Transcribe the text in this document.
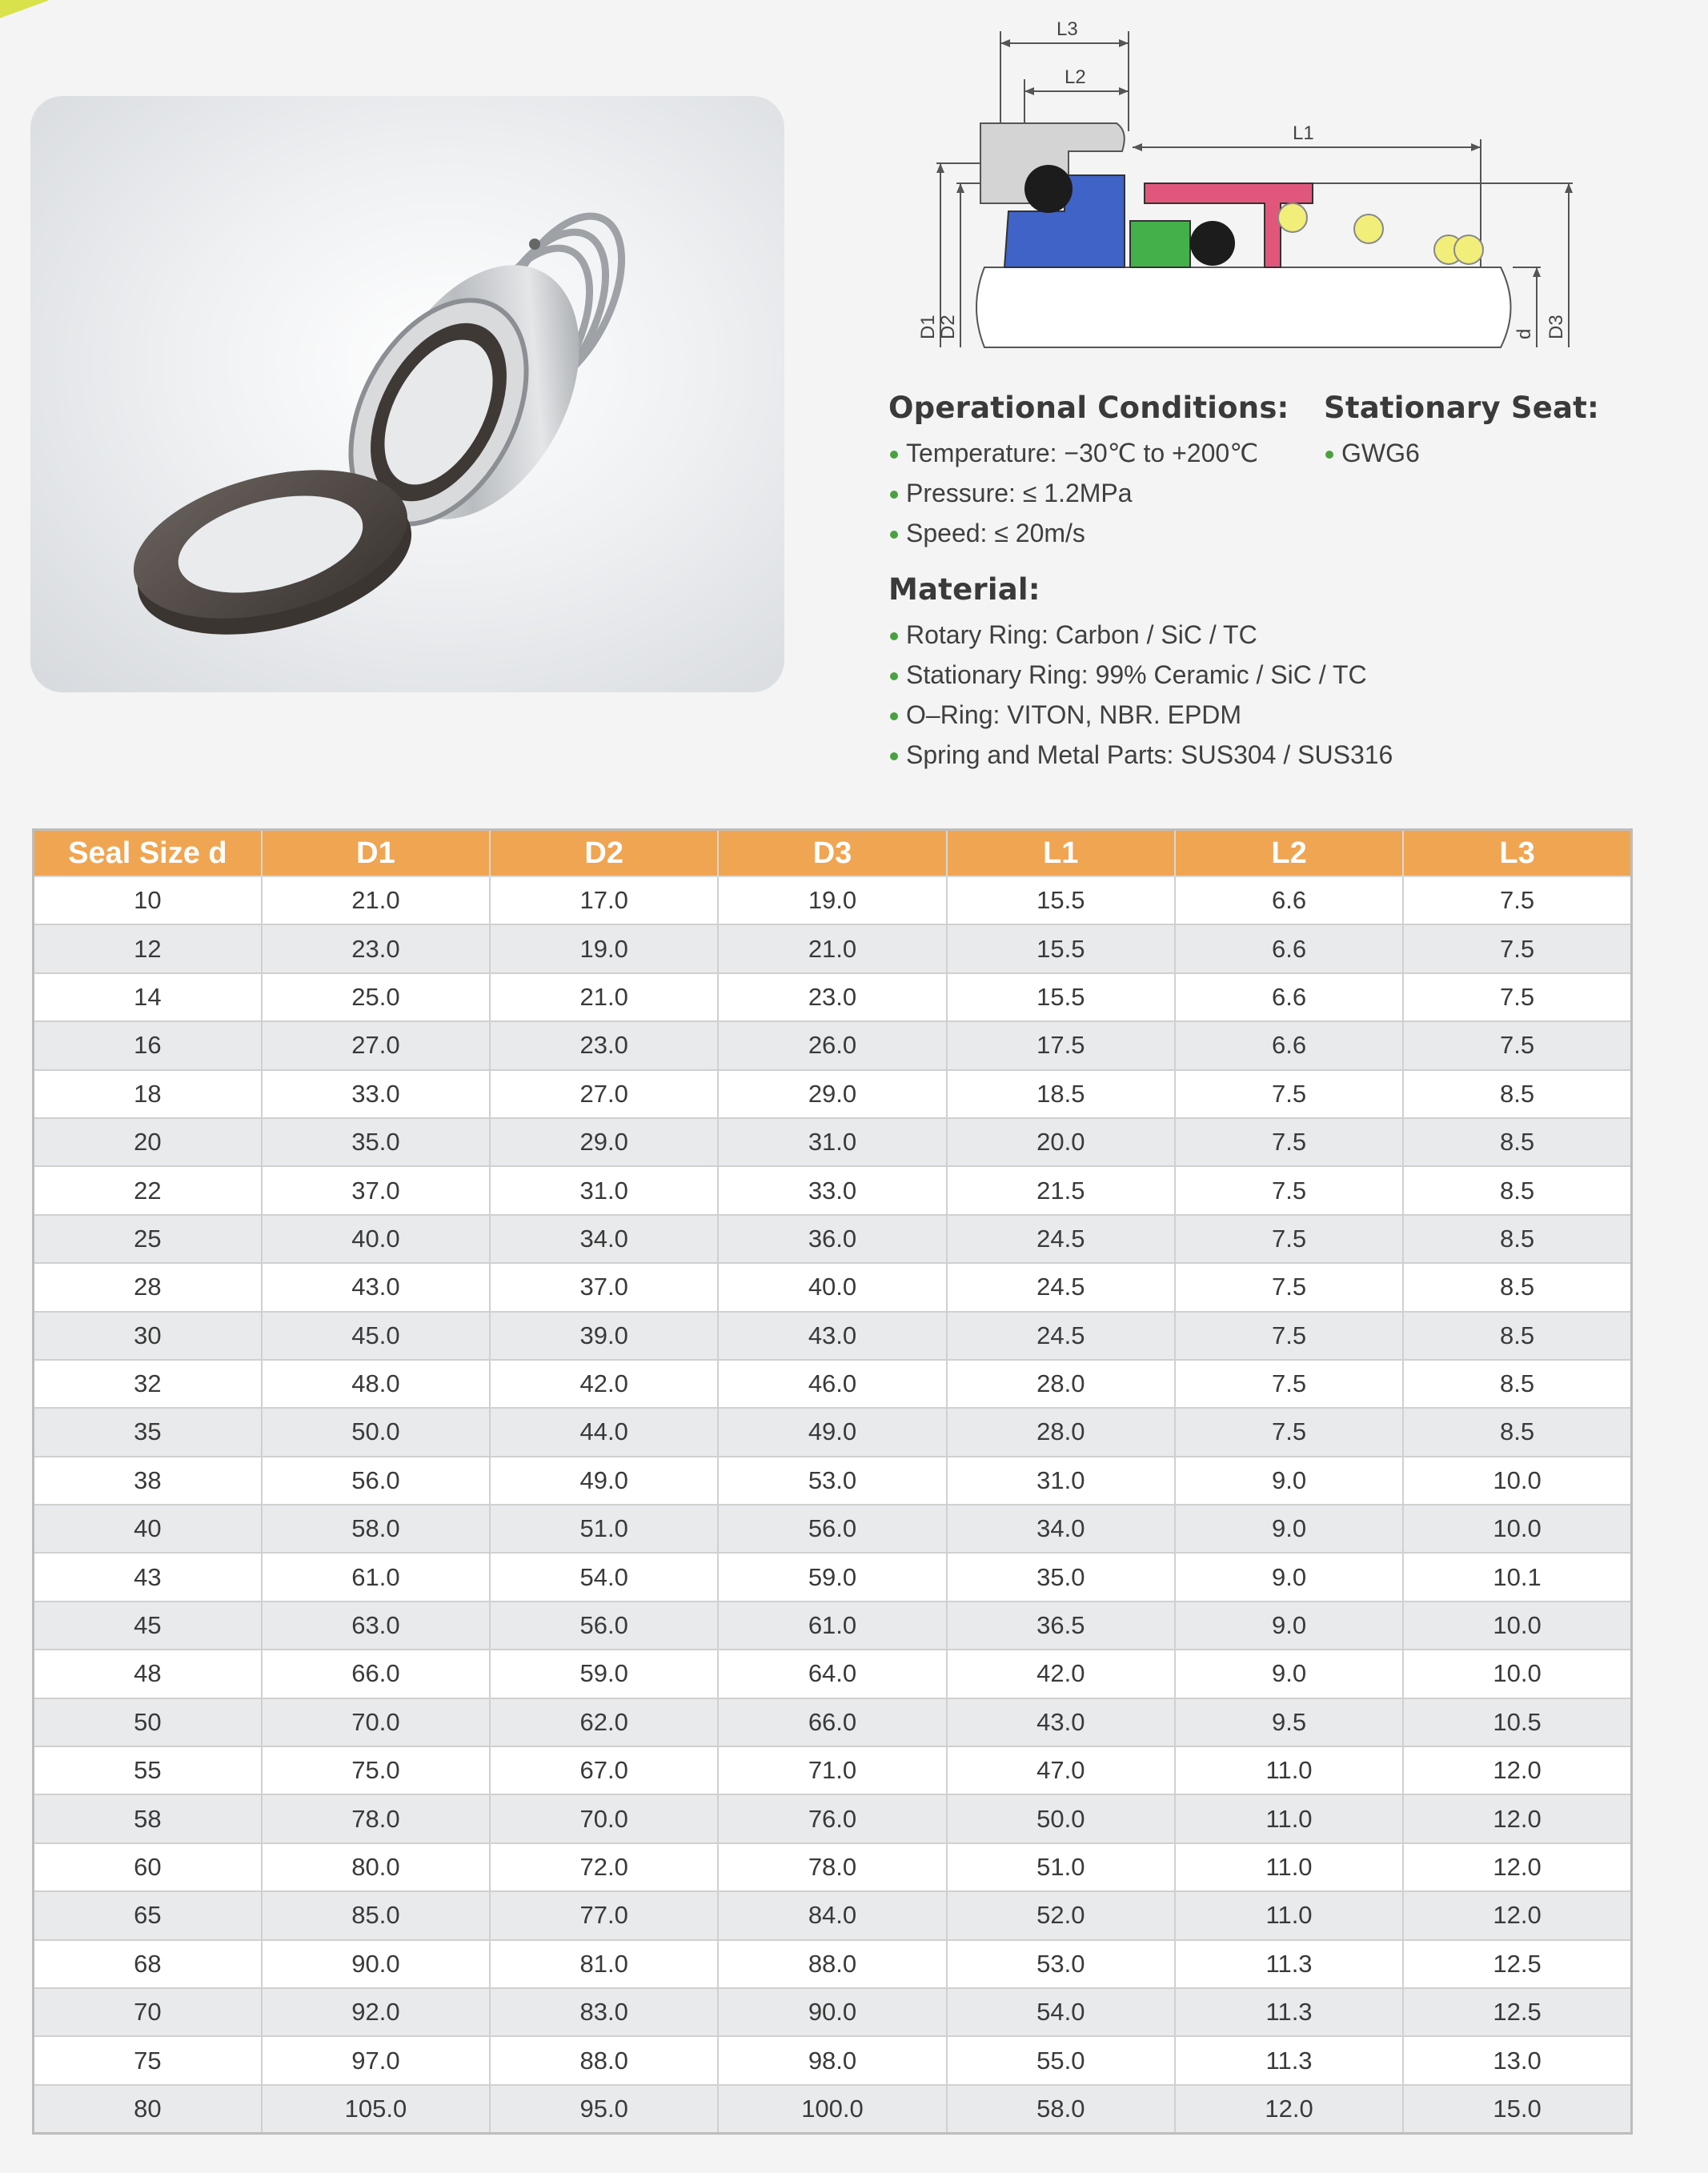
L3
L2
L1
D1
D2	d D3
Operational Conditions:
Temperature: −30℃ to +200℃
Pressure: ≤ 1.2MPa
Speed: ≤ 20m/s
Stationary Seat:
GWG6
Material:
Rotary Ring: Carbon / SiC / TC
Stationary Ring: 99% Ceramic / SiC / TC
O–Ring: VITON, NBR. EPDM
Spring and Metal Parts: SUS304 / SUS316
Seal Size d	D1	D2	D3	L1	L2	L3
10	21.0	17.0	19.0	15.5	6.6	7.5
12	23.0	19.0	21.0	15.5	6.6	7.5
14	25.0	21.0	23.0	15.5	6.6	7.5
16	27.0	23.0	26.0	17.5	6.6	7.5
18	33.0	27.0	29.0	18.5	7.5	8.5
20	35.0	29.0	31.0	20.0	7.5	8.5
22	37.0	31.0	33.0	21.5	7.5	8.5
25	40.0	34.0	36.0	24.5	7.5	8.5
28	43.0	37.0	40.0	24.5	7.5	8.5
30	45.0	39.0	43.0	24.5	7.5	8.5
32	48.0	42.0	46.0	28.0	7.5	8.5
35	50.0	44.0	49.0	28.0	7.5	8.5
38	56.0	49.0	53.0	31.0	9.0	10.0
40	58.0	51.0	56.0	34.0	9.0	10.0
43	61.0	54.0	59.0	35.0	9.0	10.1
45	63.0	56.0	61.0	36.5	9.0	10.0
48	66.0	59.0	64.0	42.0	9.0	10.0
50	70.0	62.0	66.0	43.0	9.5	10.5
55	75.0	67.0	71.0	47.0	11.0	12.0
58	78.0	70.0	76.0	50.0	11.0	12.0
60	80.0	72.0	78.0	51.0	11.0	12.0
65	85.0	77.0	84.0	52.0	11.0	12.0
68	90.0	81.0	88.0	53.0	11.3	12.5
70	92.0	83.0	90.0	54.0	11.3	12.5
75	97.0	88.0	98.0	55.0	11.3	13.0
80	105.0	95.0	100.0	58.0	12.0	15.0
